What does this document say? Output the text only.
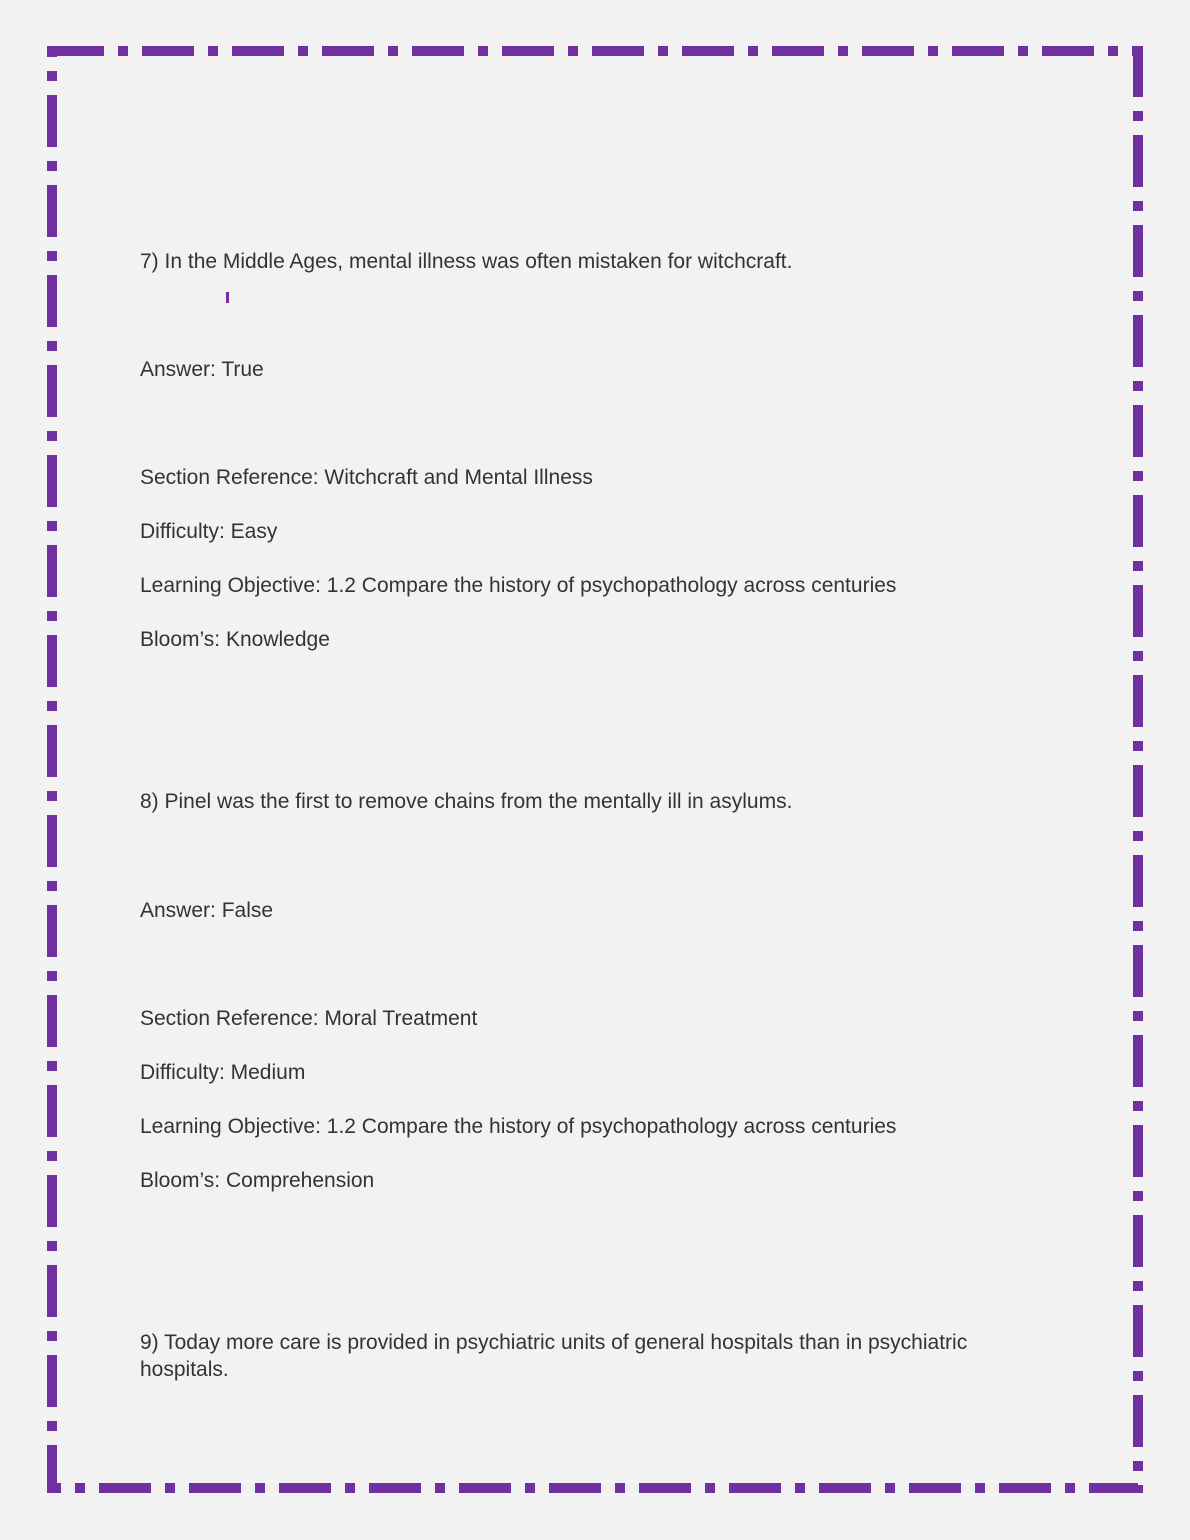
7) In the Middle Ages, mental illness was often mistaken for witchcraft.
Answer: True
Section Reference: Witchcraft and Mental Illness
Difficulty: Easy
Learning Objective: 1.2 Compare the history of psychopathology across centuries
Bloom’s: Knowledge
8) Pinel was the first to remove chains from the mentally ill in asylums.
Answer: False
Section Reference: Moral Treatment
Difficulty: Medium
Learning Objective: 1.2 Compare the history of psychopathology across centuries
Bloom’s: Comprehension
9) Today more care is provided in psychiatric units of general hospitals than in psychiatric hospitals.
